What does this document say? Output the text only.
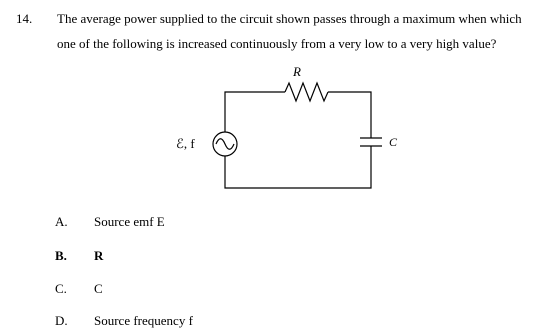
14. The average power supplied to the circuit shown passes through a maximum when which
one of the following is increased continuously from a very low to a very high value?
R
ℰ, f	C
A. Source emf E
B. R
C. C
D. Source frequency f
